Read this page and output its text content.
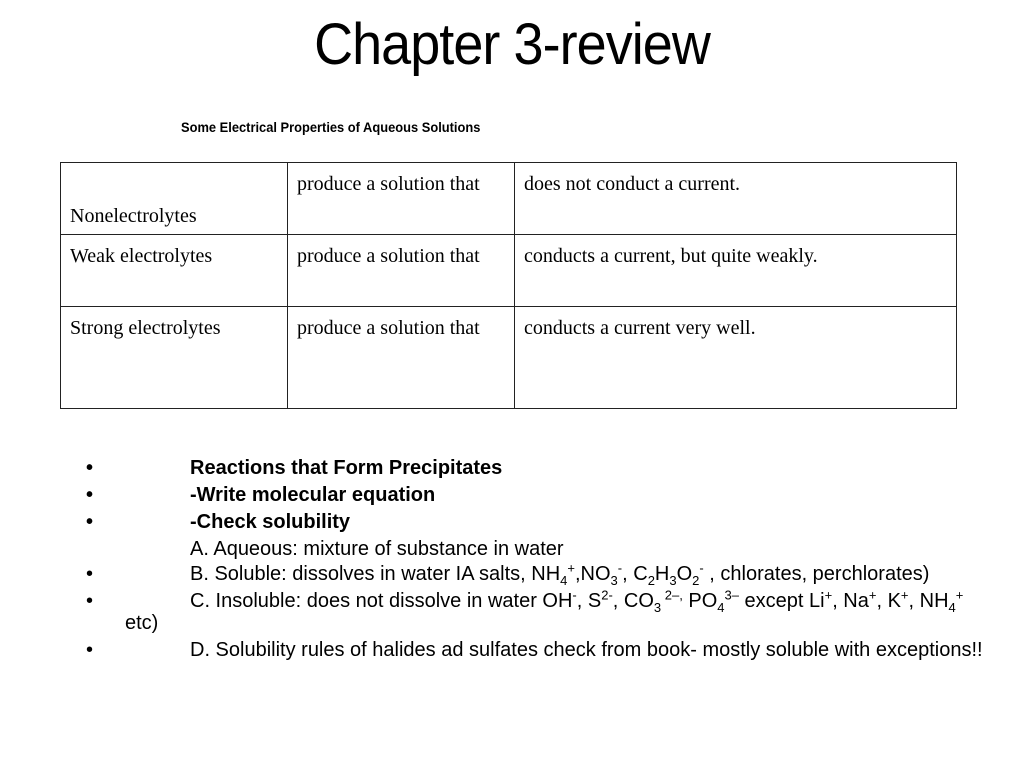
Chapter 3-review
Some Electrical Properties of Aqueous Solutions
Nonelectrolytes	produce a solution that	does not conduct a current.
Weak electrolytes	produce a solution that	conducts a current, but quite weakly.
Strong electrolytes	produce a solution that	conducts a current very well.
•	Reactions that Form Precipitates
•	-Write molecular equation
•	-Check solubility
A. Aqueous: mixture of substance in water
•	B. Soluble: dissolves in water IA salts, $NH_4^+,NO_3^-$, $C_2H_3O_2^-$ , chlorates, perchlorates)
•	C. Insoluble: does not dissolve in water OH-, $S^{2-}$, $CO_3$ $^{2-,}$ $PO_4^{3-}$ except Li+, Na+, K+, $NH_4^+$ etc)
•	D. Solubility rules of halides ad sulfates check from book- mostly soluble with exceptions!!
